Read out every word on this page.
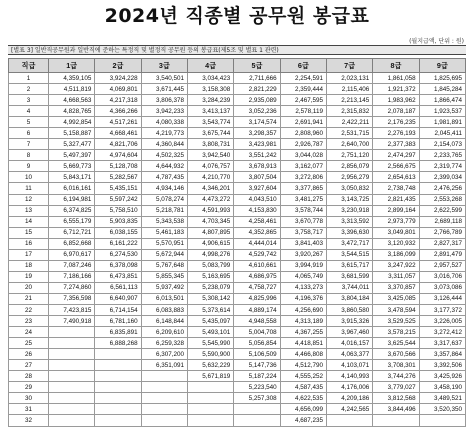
2024년 직종별 공무원 봉급표
(월지급액, 단위 : 원)
[별표 3] 일반직공무원과 일반직에 준하는 특정직 및 별정직 공무원 등의 봉급표(제5조 및 별표 1 관련)
직급	1급	2급	3급	4급	5급	6급	7급	8급	9급
1	4,359,105	3,924,228	3,540,501	3,034,423	2,711,666	2,254,591	2,023,131	1,861,058	1,825,695
2	4,511,819	4,069,801	3,671,445	3,158,308	2,821,229	2,359,444	2,115,406	1,921,372	1,845,284
3	4,668,563	4,217,318	3,806,378	3,284,239	2,935,089	2,467,595	2,213,145	1,983,962	1,866,474
4	4,828,765	4,366,266	3,942,233	3,413,137	3,052,236	2,578,119	2,315,832	2,078,187	1,923,537
5	4,992,854	4,517,261	4,080,338	3,543,774	3,174,574	2,691,941	2,422,211	2,176,235	1,981,891
6	5,158,887	4,668,461	4,219,773	3,675,744	3,298,357	2,808,960	2,531,715	2,276,193	2,045,411
7	5,327,477	4,821,706	4,360,844	3,808,731	3,423,981	2,926,787	2,640,700	2,377,383	2,154,073
8	5,497,397	4,974,604	4,502,325	3,942,540	3,551,242	3,044,028	2,751,120	2,474,297	2,233,765
9	5,669,773	5,128,708	4,644,932	4,076,757	3,678,913	3,162,077	2,856,079	2,566,675	2,319,774
10	5,843,171	5,282,567	4,787,435	4,210,770	3,807,504	3,272,806	2,956,279	2,654,613	2,399,034
11	6,016,161	5,435,151	4,934,146	4,346,201	3,927,604	3,377,865	3,050,832	2,738,748	2,476,256
12	6,194,981	5,597,242	5,078,274	4,473,272	4,043,510	3,481,275	3,143,725	2,821,435	2,553,268
13	6,374,825	5,758,510	5,218,781	4,591,993	4,153,830	3,578,744	3,230,918	2,899,164	2,622,599
14	6,555,179	5,903,835	5,343,538	4,703,345	4,258,461	3,670,778	3,313,592	2,973,779	2,689,118
15	6,712,721	6,038,155	5,461,183	4,807,895	4,352,865	3,758,717	3,396,630	3,049,801	2,766,789
16	6,852,668	6,161,222	5,570,951	4,906,615	4,444,014	3,841,403	3,472,717	3,120,932	2,827,317
17	6,970,617	6,274,530	5,672,944	4,998,276	4,529,742	3,920,267	3,544,515	3,186,099	2,891,479
18	7,087,246	6,378,098	5,767,648	5,083,799	4,610,661	3,994,919	3,615,717	3,247,922	2,957,527
19	7,186,166	6,473,851	5,855,345	5,163,695	4,686,975	4,065,749	3,681,599	3,311,057	3,016,706
20	7,274,860	6,561,113	5,937,492	5,238,079	4,758,727	4,133,273	3,744,011	3,370,857	3,073,086
21	7,356,598	6,640,907	6,013,501	5,308,142	4,825,996	4,196,376	3,804,184	3,425,085	3,126,444
22	7,423,815	6,714,154	6,083,883	5,373,614	4,889,174	4,256,690	3,860,580	3,478,594	3,177,372
23	7,490,918	6,781,160	6,148,844	5,435,097	4,948,558	4,313,189	3,915,326	3,529,525	3,226,005
24		6,835,891	6,209,610	5,493,101	5,004,708	4,367,255	3,967,460	3,578,215	3,272,412
25		6,888,268	6,259,328	5,545,990	5,056,854	4,418,851	4,016,157	3,625,544	3,317,637
26			6,307,200	5,590,900	5,106,509	4,466,808	4,063,377	3,670,566	3,357,864
27			6,351,091	5,632,229	5,147,736	4,512,790	4,103,071	3,708,301	3,392,506
28				5,671,819	5,187,224	4,555,252	4,140,993	3,744,276	3,425,926
29					5,223,540	4,587,435	4,176,006	3,779,027	3,458,190
30					5,257,308	4,622,535	4,209,186	3,812,568	3,489,521
31						4,656,099	4,242,565	3,844,496	3,520,350
32						4,687,235			
